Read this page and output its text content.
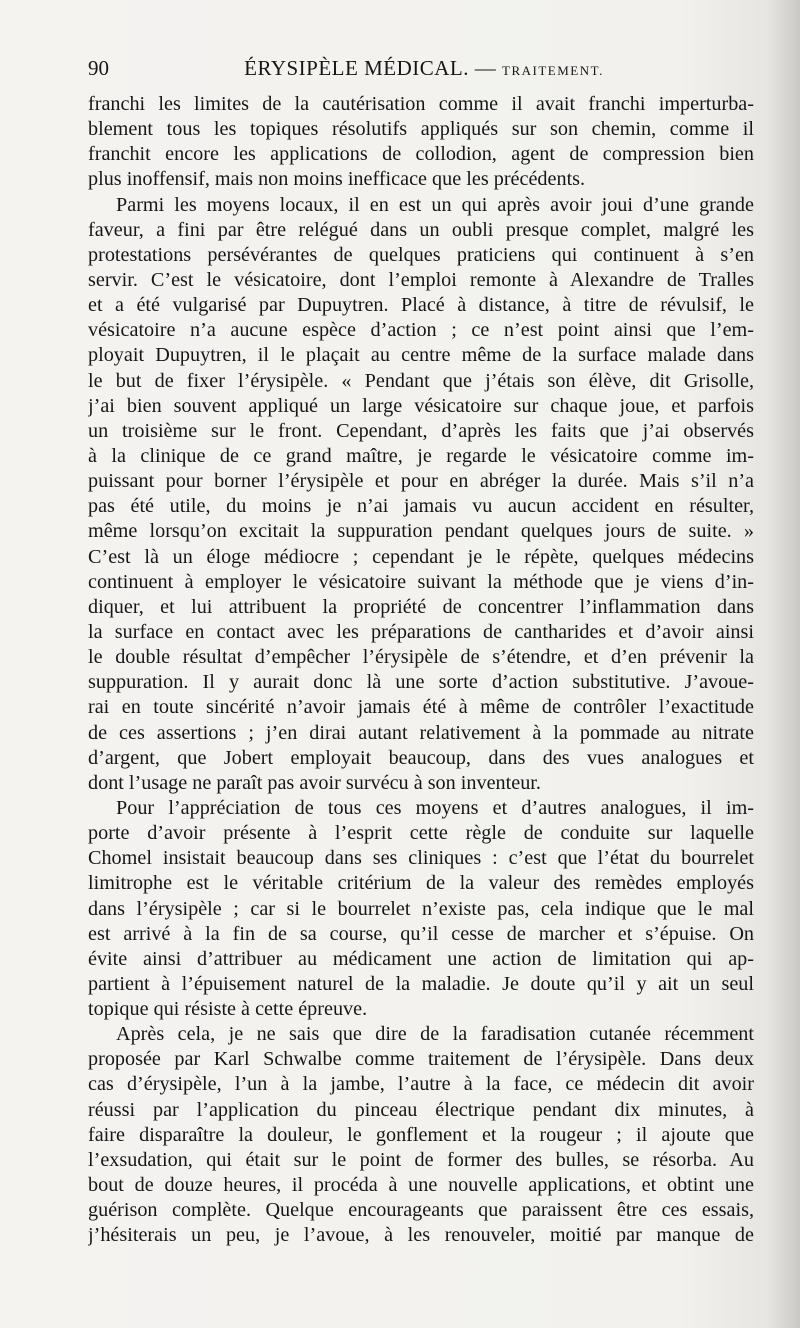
90	ÉRYSIPÈLE MÉDICAL. — TRAITEMENT.
franchi les limites de la cautérisation comme il avait franchi imperturba-
blement tous les topiques résolutifs appliqués sur son chemin, comme il
franchit encore les applications de collodion, agent de compression bien
plus inoffensif, mais non moins inefficace que les précédents.
Parmi les moyens locaux, il en est un qui après avoir joui d’une grande
faveur, a fini par être relégué dans un oubli presque complet, malgré les
protestations persévérantes de quelques praticiens qui continuent à s’en
servir. C’est le vésicatoire, dont l’emploi remonte à Alexandre de Tralles
et a été vulgarisé par Dupuytren. Placé à distance, à titre de révulsif, le
vésicatoire n’a aucune espèce d’action ; ce n’est point ainsi que l’em-
ployait Dupuytren, il le plaçait au centre même de la surface malade dans
le but de fixer l’érysipèle. « Pendant que j’étais son élève, dit Grisolle,
j’ai bien souvent appliqué un large vésicatoire sur chaque joue, et parfois
un troisième sur le front. Cependant, d’après les faits que j’ai observés
à la clinique de ce grand maître, je regarde le vésicatoire comme im-
puissant pour borner l’érysipèle et pour en abréger la durée. Mais s’il n’a
pas été utile, du moins je n’ai jamais vu aucun accident en résulter,
même lorsqu’on excitait la suppuration pendant quelques jours de suite. »
C’est là un éloge médiocre ; cependant je le répète, quelques médecins
continuent à employer le vésicatoire suivant la méthode que je viens d’in-
diquer, et lui attribuent la propriété de concentrer l’inflammation dans
la surface en contact avec les préparations de cantharides et d’avoir ainsi
le double résultat d’empêcher l’érysipèle de s’étendre, et d’en prévenir la
suppuration. Il y aurait donc là une sorte d’action substitutive. J’avoue-
rai en toute sincérité n’avoir jamais été à même de contrôler l’exactitude
de ces assertions ; j’en dirai autant relativement à la pommade au nitrate
d’argent, que Jobert employait beaucoup, dans des vues analogues et
dont l’usage ne paraît pas avoir survécu à son inventeur.
Pour l’appréciation de tous ces moyens et d’autres analogues, il im-
porte d’avoir présente à l’esprit cette règle de conduite sur laquelle
Chomel insistait beaucoup dans ses cliniques : c’est que l’état du bourrelet
limitrophe est le véritable critérium de la valeur des remèdes employés
dans l’érysipèle ; car si le bourrelet n’existe pas, cela indique que le mal
est arrivé à la fin de sa course, qu’il cesse de marcher et s’épuise. On
évite ainsi d’attribuer au médicament une action de limitation qui ap-
partient à l’épuisement naturel de la maladie. Je doute qu’il y ait un seul
topique qui résiste à cette épreuve.
Après cela, je ne sais que dire de la faradisation cutanée récemment
proposée par Karl Schwalbe comme traitement de l’érysipèle. Dans deux
cas d’érysipèle, l’un à la jambe, l’autre à la face, ce médecin dit avoir
réussi par l’application du pinceau électrique pendant dix minutes, à
faire disparaître la douleur, le gonflement et la rougeur ; il ajoute que
l’exsudation, qui était sur le point de former des bulles, se résorba. Au
bout de douze heures, il procéda à une nouvelle applications, et obtint une
guérison complète. Quelque encourageants que paraissent être ces essais,
j’hésiterais un peu, je l’avoue, à les renouveler, moitié par manque de
